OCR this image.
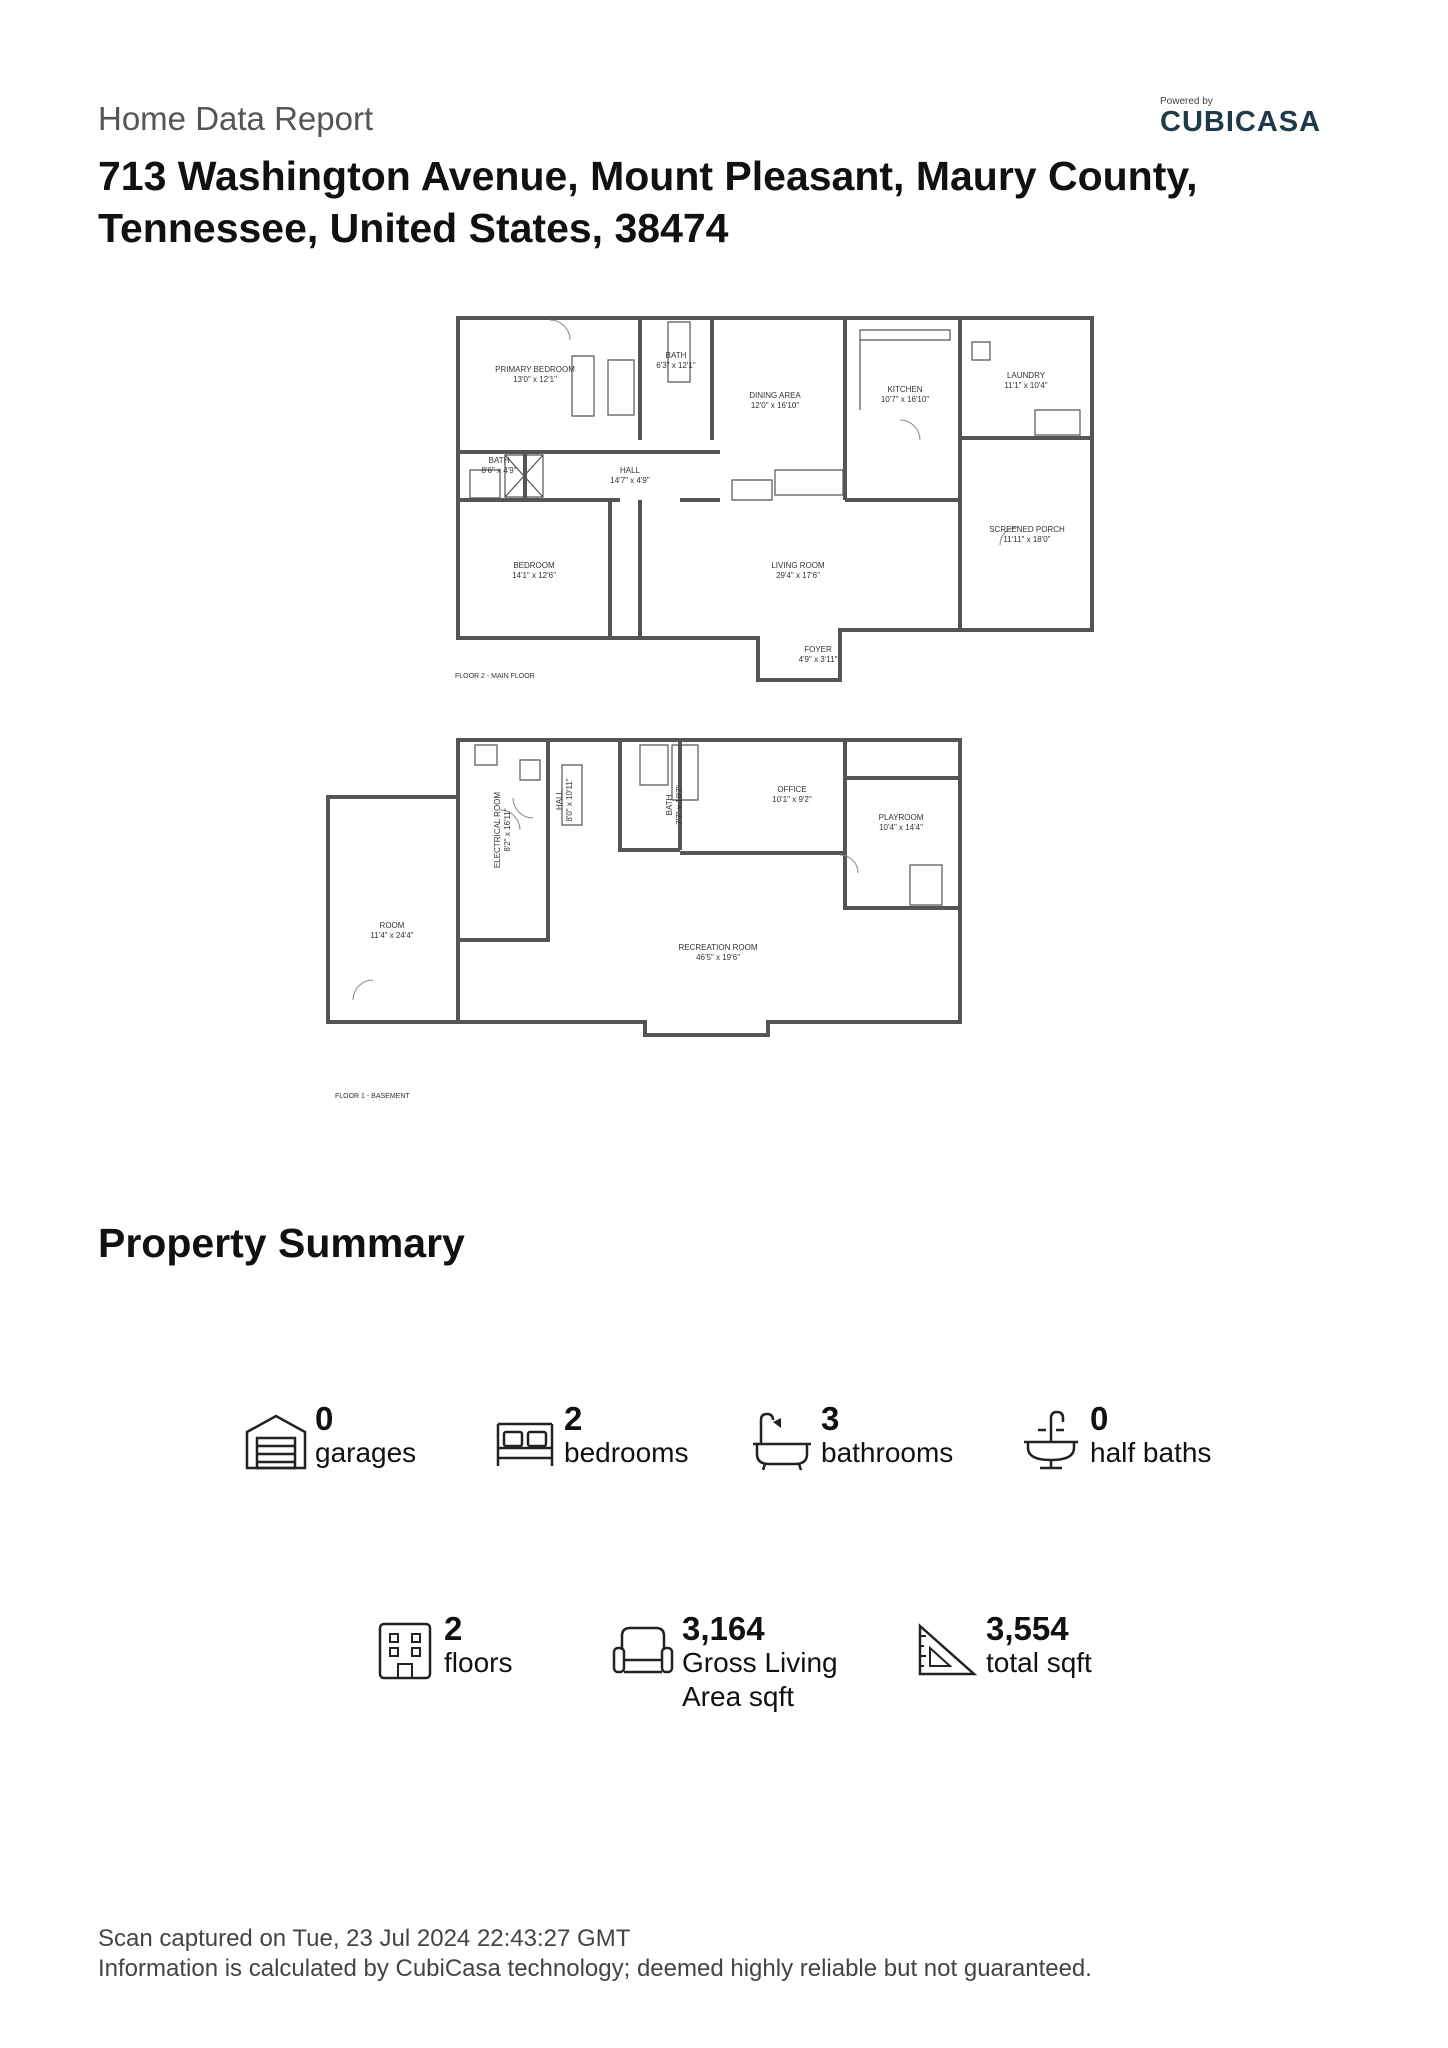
Home Data Report
713 Washington Avenue, Mount Pleasant, Maury County, Tennessee, United States, 38474
Powered by
CUBICASA
PRIMARY BEDROOM
13'0" x 12'1"
BATH
6'3" x 12'1"
DINING AREA
12'0" x 16'10"
KITCHEN
10'7" x 16'10"
LAUNDRY
11'1" x 10'4"
BATH
8'6" x 4'9"	HALL
14'7" x 4'9"
BEDROOM
14'1" x 12'6"
LIVING ROOM
29'4" x 17'6"
SCREENED PORCH
11'11" x 18'0"
FOYER
4'9" x 3'11"
FLOOR 2 - MAIN FLOOR
ELECTRICAL ROOM 8'2" x 16'11"
HALL 8'0" x 10'11"	BATH 7'7" x 10'7"	OFFICE
10'1" x 9'2"
PLAYROOM
10'4" x 14'4"
ROOM
11'4" x 24'4"
RECREATION ROOM
46'5" x 19'6"
FLOOR 1 - BASEMENT
Property Summary
0
garages
2
bedrooms
3
bathrooms
0
half baths
2
floors
3,164
Gross Living
Area sqft
3,554
total sqft
Scan captured on Tue, 23 Jul 2024 22:43:27 GMT
Information is calculated by CubiCasa technology; deemed highly reliable but not guaranteed.
